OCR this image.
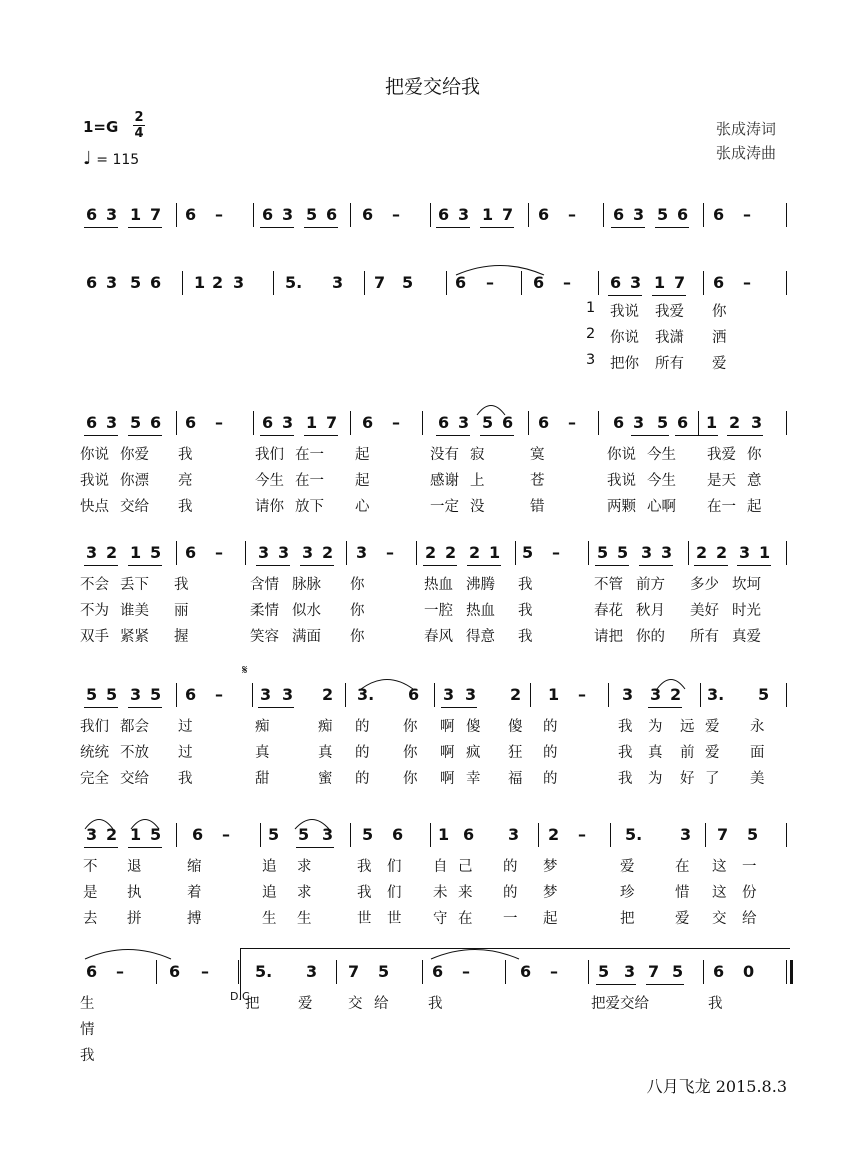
把爱交给我
1=G
2
4
♩ = 115
张成涛词
张成涛曲
6 3 1 7 6 – 6 3 5 6 6 – 6 3 1 7 6 – 6 3 5 6 6 –
6 3 5 6 1 2 3	5. 3 7 5	6 – 6 – 6 3 1 7 6 –
1 我说 我爱 你
2 你说 我潇 洒
3 把你 所有 爱
6 3 5 6 6 – 6 3 1 7 6 – 6 3 5 6 6 – 6 3 5 6 1 2 3
你说 你爱 我	我们 在一 起	没有 寂	寞	你说 今生 我爱 你
我说 你漂 亮	今生 在一 起	感谢 上	苍	我说 今生 是天 意
快点 交给 我	请你 放下 心	一定 没	错	两颗 心啊 在一 起
3 2 1 5 6 – 3 3 3 2 3 – 2 2 2 1 5 – 5 5 3 3 2 2 3 1
不会 丢下 我	含情 脉脉 你	热血 沸腾 我	不管 前方 多少 坎坷
不为 谁美 丽	柔情 似水 你	一腔 热血 我	春花 秋月 美好 时光
双手 紧紧 握	笑容 满面 你	春风 得意 我	请把 你的 所有 真爱
5 5 3 5 6 – 3 3 2 3. 6 3 3 2 1 – 3 3 2 3. 5
我们 都会 过	痴	痴 的 你 啊 傻 傻 的	我 为	爱 永
远
统统 不放 过	真	真 的 你 啊 疯 狂 的	我 真	爱 面
前
完全 交给 我	甜	蜜 的 你 啊 幸 福 的	我 为	了 美
好
3 2 1 5 6 – 5 5 3 5 6 1 6 3 2 – 5. 3 7 5
不 退	缩	追 求	我 们 自 己 的 梦	爱	在 这 一
是 执	着	追 求	我 们 未 来 的 梦	珍	惜 这 份
去 拼	搏	生 生	世 世 守 在 一 起	把	爱 交 给
6 –	6 –	5. 3 7 5	6 –	6 –	5 3 7 5 6 0
生	把	爱 交 给	我	把爱交给	我
情
我
𝄋
D.C.
八月飞龙 2015.8.3
